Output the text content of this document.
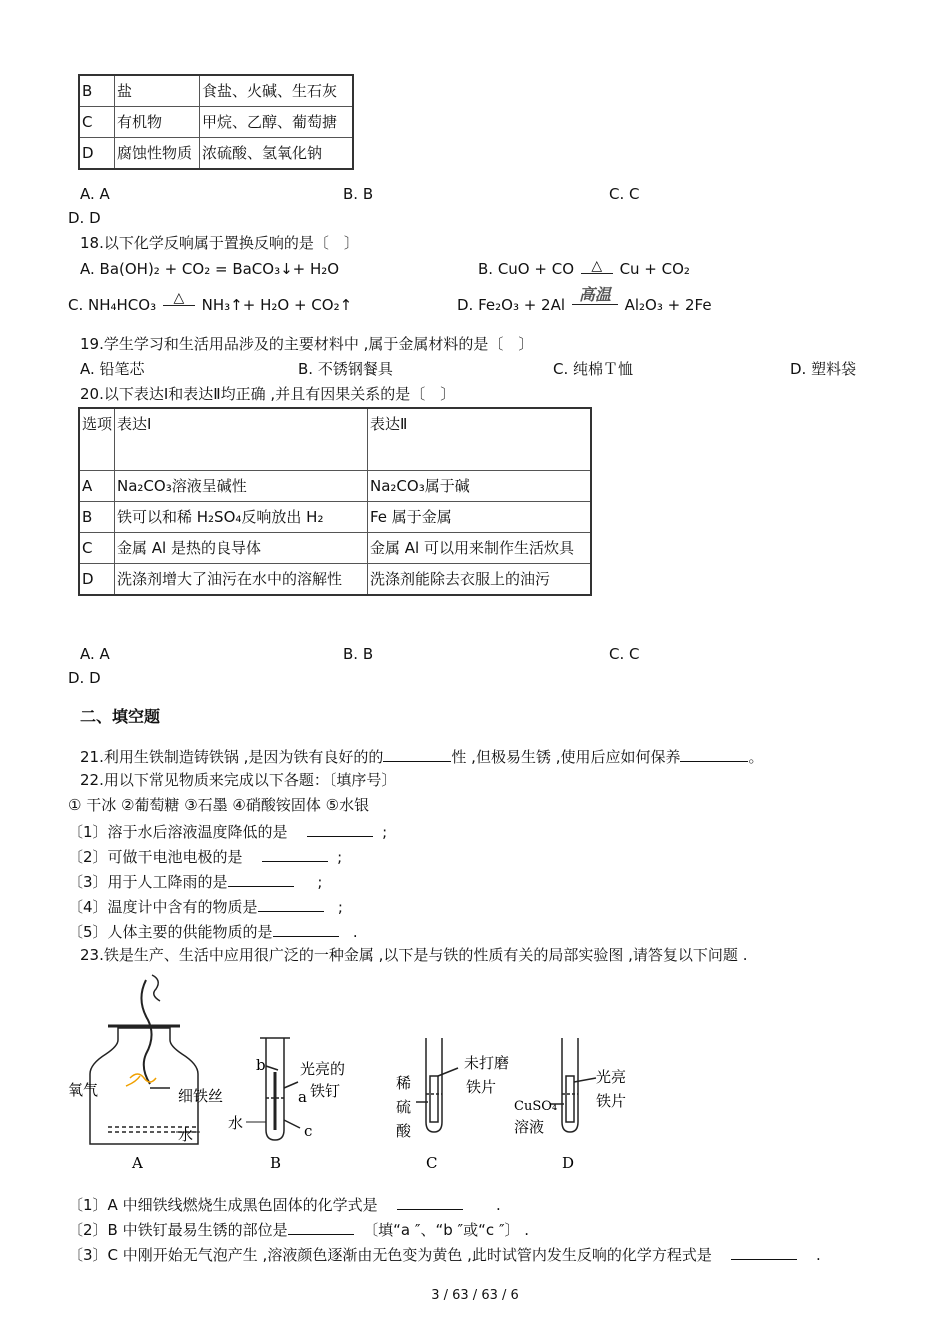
B	盐	食盐、火碱、生石灰
C	有机物	甲烷、乙醇、葡萄搪
D	腐蚀性物质	浓硫酸、氢氧化钠
A. A	B. B	C. C
D. D
18.以下化学反响属于置换反响的是〔　〕
A. Ba(OH)₂ + CO₂ = BaCO₃↓+ H₂O	B. CuO + CO △ Cu + CO₂
C. NH₄HCO₃ △ NH₃↑+ H₂O + CO₂↑	D. Fe₂O₃ + 2Al 高温 Al₂O₃ + 2Fe
19.学生学习和生活用品涉及的主要材料中 ,属于金属材料的是〔　〕
A. 铅笔芯	B. 不锈钢餐具	C. 纯棉Ｔ恤	D. 塑料袋
20.以下表达Ⅰ和表达Ⅱ均正确 ,并且有因果关系的是〔　〕
选项	表达Ⅰ	表达Ⅱ
A	Na₂CO₃溶液呈碱性	Na₂CO₃属于碱
B	铁可以和稀 H₂SO₄反响放出 H₂	Fe 属于金属
C	金属 Al 是热的良导体	金属 Al 可以用来制作生活炊具
D	洗涤剂增大了油污在水中的溶解性	洗涤剂能除去衣服上的油污
A. A	B. B	C. C
D. D
二、填空题
21.利用生铁制造铸铁锅 ,是因为铁有良好的的	性 ,但极易生锈 ,使用后应如何保养	。
22.用以下常见物质来完成以下各题：〔填序号〕
① 干冰 ②葡萄糖 ③石墨 ④硝酸铵固体 ⑤水银
〔1〕溶于水后溶液温度降低的是	;
〔2〕可做干电池电极的是	;
〔3〕用于人工降雨的是	;
〔4〕温度计中含有的物质是	;
〔5〕人体主要的供能物质的是	.
23.铁是生产、生活中应用很广泛的一种金属 ,以下是与铁的性质有关的局部实验图 ,请答复以下问题 .
氧气	细铁丝
水
A
光亮的
铁钉
b
a
c
水
B
稀
硫
酸
未打磨
铁片
C
光亮
铁片
CuSO₄
溶液
D
〔1〕A 中细铁线燃烧生成黑色固体的化学式是	.
〔2〕B 中铁钉最易生锈的部位是	〔填“a ″、“b ″或“c ″〕 .
〔3〕C 中刚开始无气泡产生 ,溶液颜色逐渐由无色变为黄色 ,此时试管内发生反响的化学方程式是	.
3 / 63 / 63 / 6
